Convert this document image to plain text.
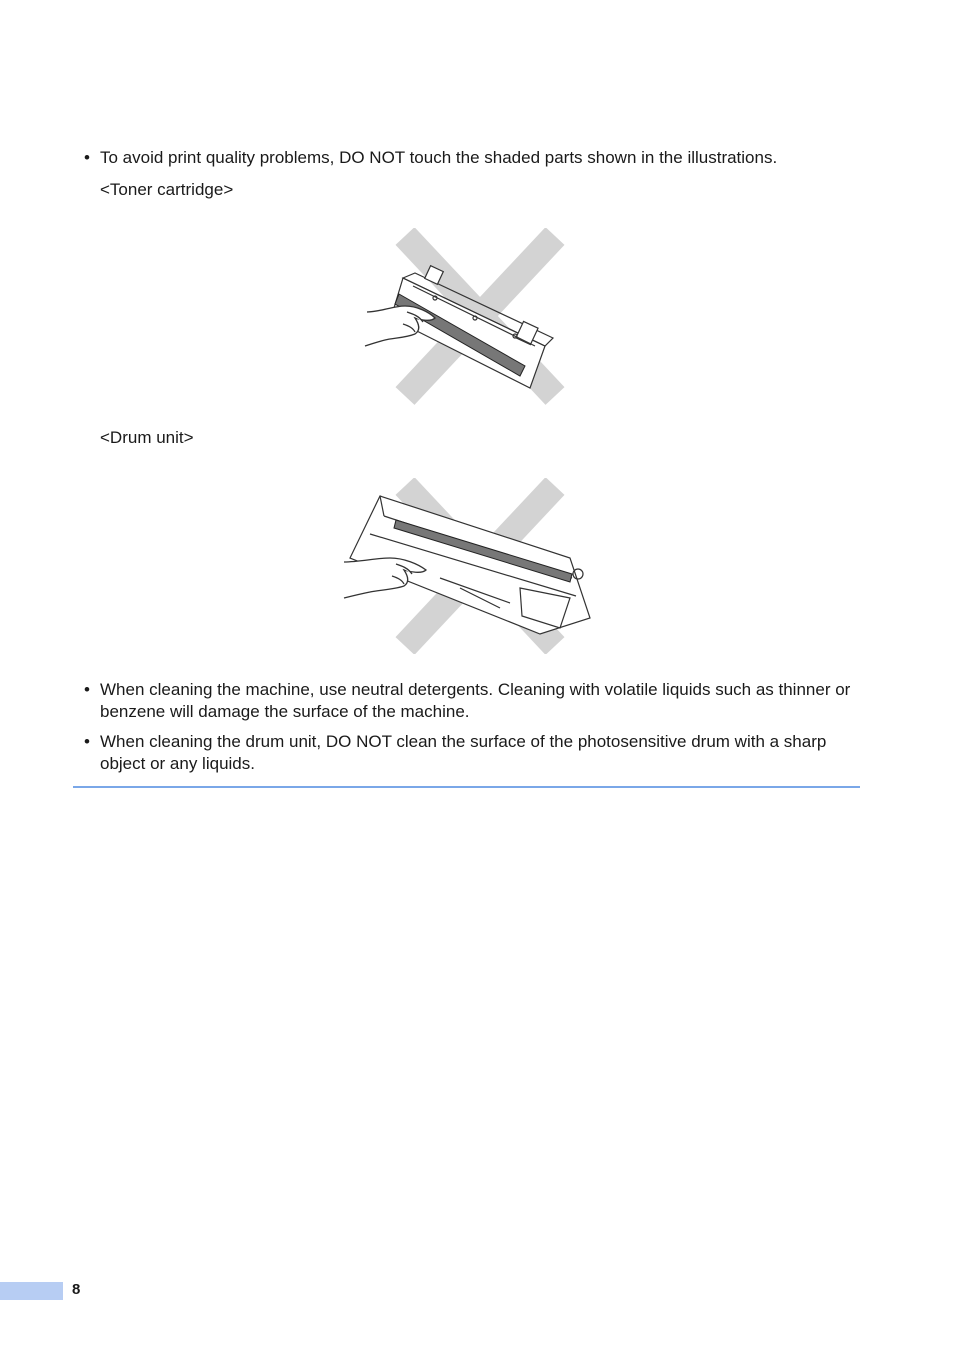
• To avoid print quality problems, DO NOT touch the shaded parts shown in the illustrations.
<Toner cartridge>
<Drum unit>
• When cleaning the machine, use neutral detergents. Cleaning with volatile liquids such as thinner or benzene will damage the surface of the machine.
• When cleaning the drum unit, DO NOT clean the surface of the photosensitive drum with a sharp object or any liquids.
8
